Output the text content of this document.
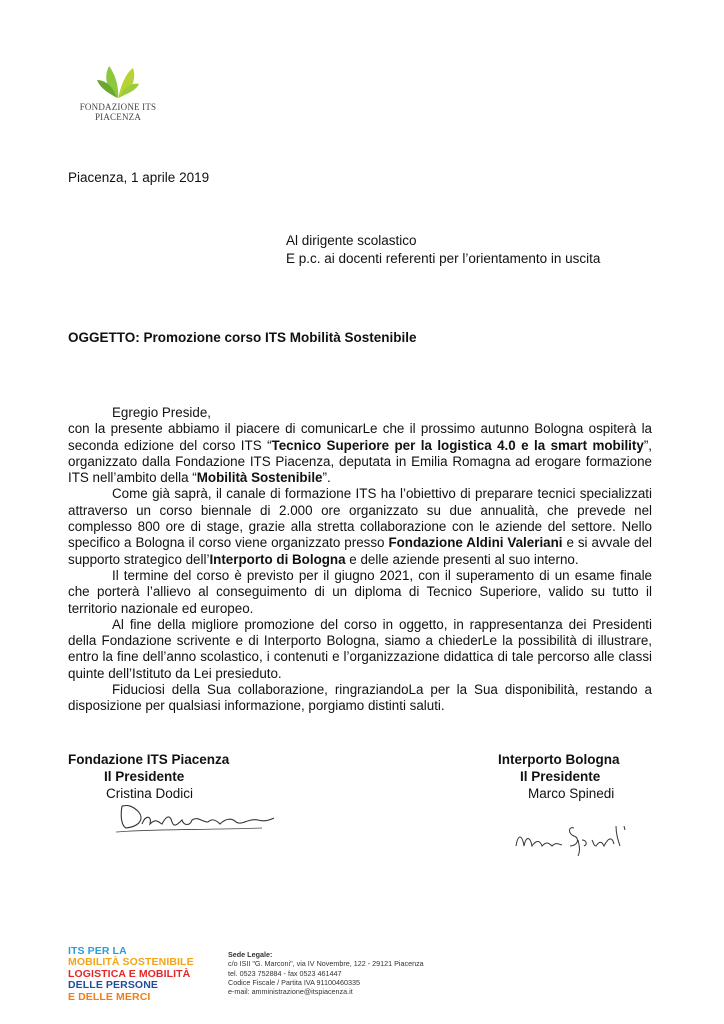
FONDAZIONE ITS
PIACENZA
Piacenza, 1 aprile 2019
Al dirigente scolastico
E p.c. ai docenti referenti per l’orientamento in uscita
OGGETTO: Promozione corso ITS Mobilità Sostenibile

Egregio Preside,

con la presente abbiamo il piacere di comunicarLe che il prossimo autunno Bologna ospiterà la seconda edizione del corso ITS “Tecnico Superiore per la logistica 4.0 e la smart mobility”, organizzato dalla Fondazione ITS Piacenza, deputata in Emilia Romagna ad erogare formazione ITS nell’ambito della “Mobilità Sostenibile”.

Come già saprà, il canale di formazione ITS ha l’obiettivo di preparare tecnici specializzati attraverso un corso biennale di 2.000 ore organizzato su due annualità, che prevede nel complesso 800 ore di stage, grazie alla stretta collaborazione con le aziende del settore. Nello specifico a Bologna il corso viene organizzato presso Fondazione Aldini Valeriani e si avvale del supporto strategico dell’Interporto di Bologna e delle aziende presenti al suo interno.

Il termine del corso è previsto per il giugno 2021, con il superamento di un esame finale che porterà l’allievo al conseguimento di un diploma di Tecnico Superiore, valido su tutto il territorio nazionale ed europeo.

Al fine della migliore promozione del corso in oggetto, in rappresentanza dei Presidenti della Fondazione scrivente e di Interporto Bologna, siamo a chiederLe la possibilità di illustrare, entro la fine dell’anno scolastico, i contenuti e l’organizzazione didattica di tale percorso alle classi quinte dell’Istituto da Lei presieduto.

Fiduciosi della Sua collaborazione, ringraziandoLa per la Sua disponibilità, restando a disposizione per qualsiasi informazione, porgiamo distinti saluti.

Fondazione ITS Piacenza
Il Presidente
Cristina Dodici
Interporto Bologna
Il Presidente
Marco Spinedi
ITS PER LA
MOBILITÀ SOSTENIBILE
LOGISTICA E MOBILITÀ
DELLE PERSONE
E DELLE MERCI
Sede Legale:
c/o ISII "G. Marconi", via IV Novembre, 122 - 29121 Piacenza
tel. 0523 752884 - fax 0523 461447
Codice Fiscale / Partita IVA 91100460335
e-mail: amministrazione@itspiacenza.it
